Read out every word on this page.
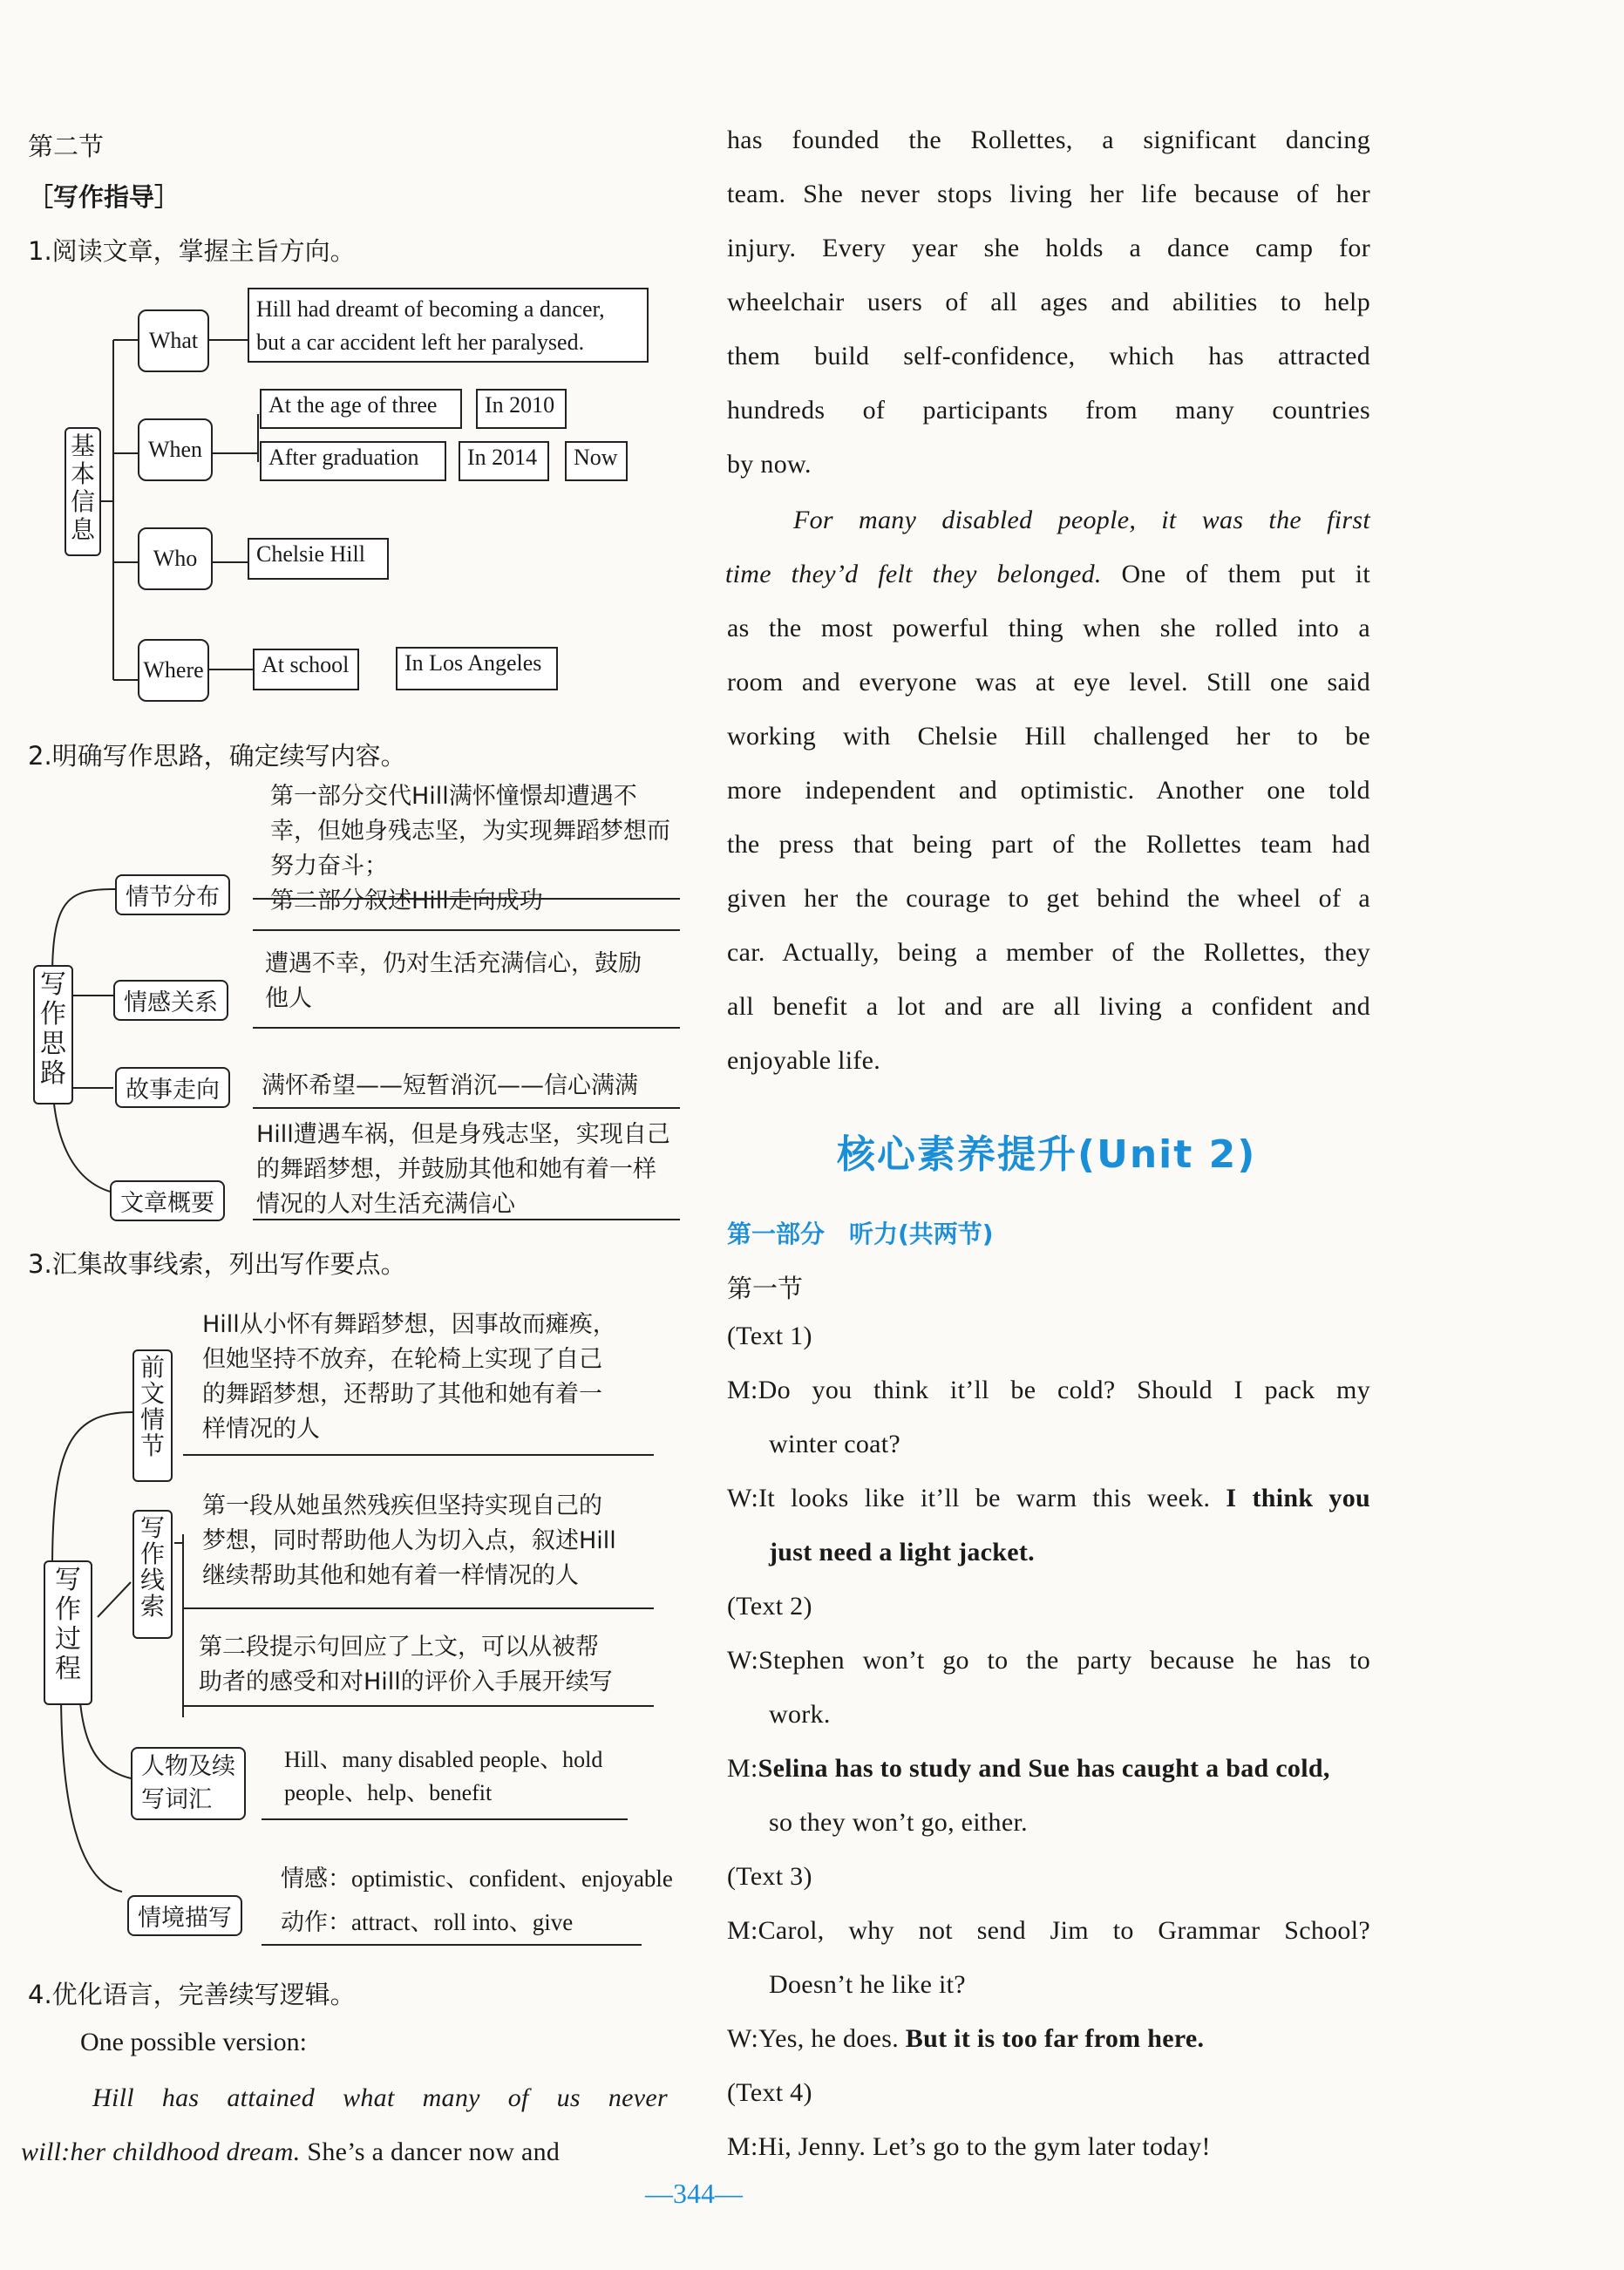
第二节
［写作指导］
1.阅读文章，掌握主旨方向。
基本信息
What
Hill had dreamt of becoming a dancer,
but a car accident left her paralysed.
When
At the age of three	In 2010
After graduation	In 2014	Now
Who	Chelsie Hill
Where	At school	In Los Angeles
2.明确写作思路，确定续写内容。
写作思路
情节分布
第一部分交代Hill满怀憧憬却遭遇不
幸，但她身残志坚，为实现舞蹈梦想而
努力奋斗；
第二部分叙述Hill走向成功
情感关系
遭遇不幸，仍对生活充满信心，鼓励
他人
故事走向	满怀希望——短暂消沉——信心满满
文章概要
Hill遭遇车祸，但是身残志坚，实现自己
的舞蹈梦想，并鼓励其他和她有着一样
情况的人对生活充满信心
3.汇集故事线索，列出写作要点。
写作过程
前文情节
Hill从小怀有舞蹈梦想，因事故而瘫痪，
但她坚持不放弃，在轮椅上实现了自己
的舞蹈梦想，还帮助了其他和她有着一
样情况的人
写作线索
第一段从她虽然残疾但坚持实现自己的
梦想，同时帮助他人为切入点，叙述Hill
继续帮助其他和她有着一样情况的人
第二段提示句回应了上文，可以从被帮
助者的感受和对Hill的评价入手展开续写
人物及续
写词汇
Hill、many disabled people、hold
people、help、benefit
情境描写
情感：optimistic、confident、enjoyable
动作：attract、roll into、give
4.优化语言，完善续写逻辑。
One possible version:
Hill has attained what many of us never
will:her childhood dream. She’s a dancer now and
has founded the Rollettes, a significant dancing
team. She never stops living her life because of her
injury. Every year she holds a dance camp for
wheelchair users of all ages and abilities to help
them build self-confidence, which has attracted
hundreds of participants from many countries
by now.
For many disabled people, it was the first
time they’d felt they belonged. One of them put it
as the most powerful thing when she rolled into a
room and everyone was at eye level. Still one said
working with Chelsie Hill challenged her to be
more independent and optimistic. Another one told
the press that being part of the Rollettes team had
given her the courage to get behind the wheel of a
car. Actually, being a member of the Rollettes, they
all benefit a lot and are all living a confident and
enjoyable life.
核心素养提升(Unit 2)
第一部分　听力(共两节)
第一节
(Text 1)
M:Do you think it’ll be cold? Should I pack my
winter coat?
W:It looks like it’ll be warm this week. I think you
just need a light jacket.
(Text 2)
W:Stephen won’t go to the party because he has to
work.
M:Selina has to study and Sue has caught a bad cold,
so they won’t go, either.
(Text 3)
M:Carol, why not send Jim to Grammar School?
Doesn’t he like it?
W:Yes, he does. But it is too far from here.
(Text 4)
M:Hi, Jenny. Let’s go to the gym later today!
—344—
